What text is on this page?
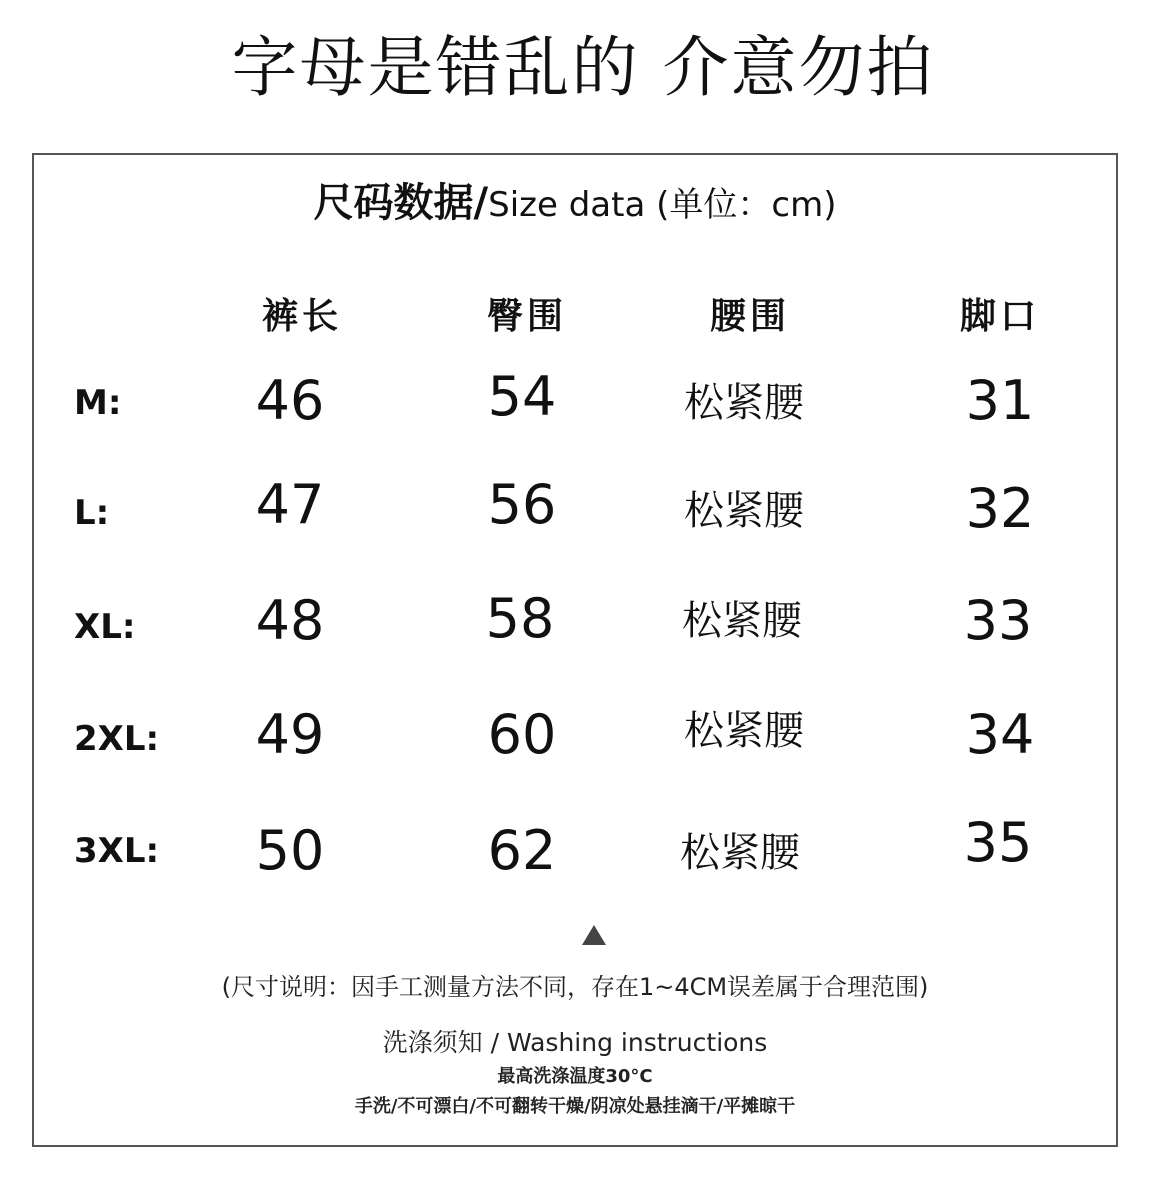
字母是错乱的 介意勿拍
尺码数据/Size data (单位：cm)
裤长	臀围	腰围	脚口
M:	46	54	松紧腰	31
L:	47	56	松紧腰	32
XL:	48	58	松紧腰	33
2XL:	49	60	松紧腰	34
3XL:	50	62	松紧腰	35
(尺寸说明：因手工测量方法不同，存在1~4CM误差属于合理范围)
洗涤须知 / Washing instructions
最高洗涤温度30°C
手洗/不可漂白/不可翻转干燥/阴凉处悬挂滴干/平摊晾干
